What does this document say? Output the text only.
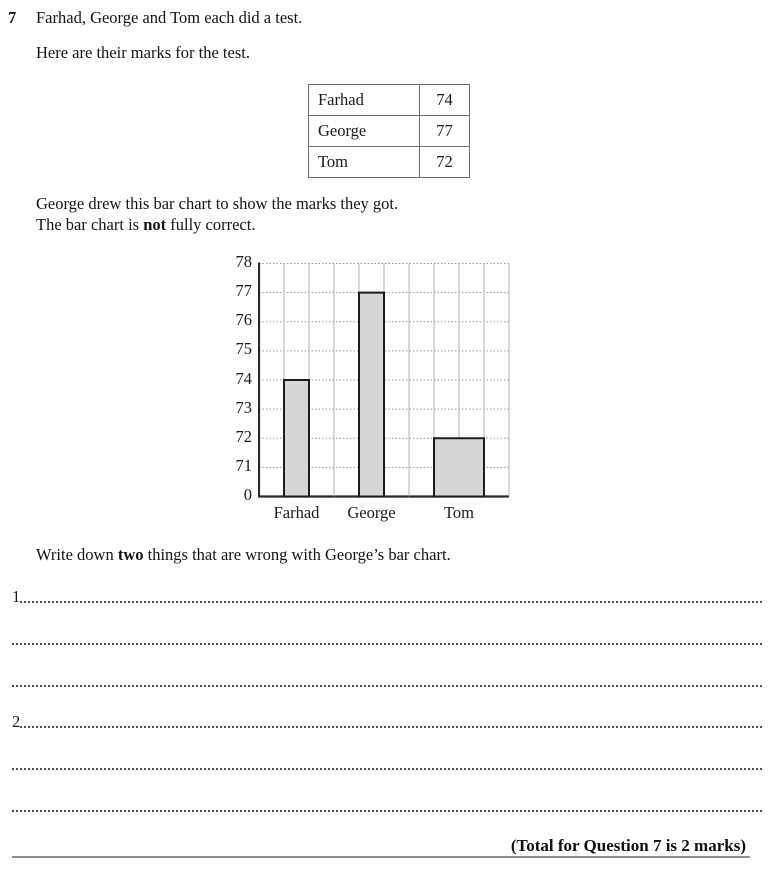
7 Farhad, George and Tom each did a test.
Here are their marks for the test.
Farhad	74
George	77
Tom	72
George drew this bar chart to show the marks they got.
The bar chart is not fully correct.
78
77
76
75
74
73
72
71
0
Farhad	George	Tom
Write down two things that are wrong with George’s bar chart.
1
2
(Total for Question 7 is 2 marks)
